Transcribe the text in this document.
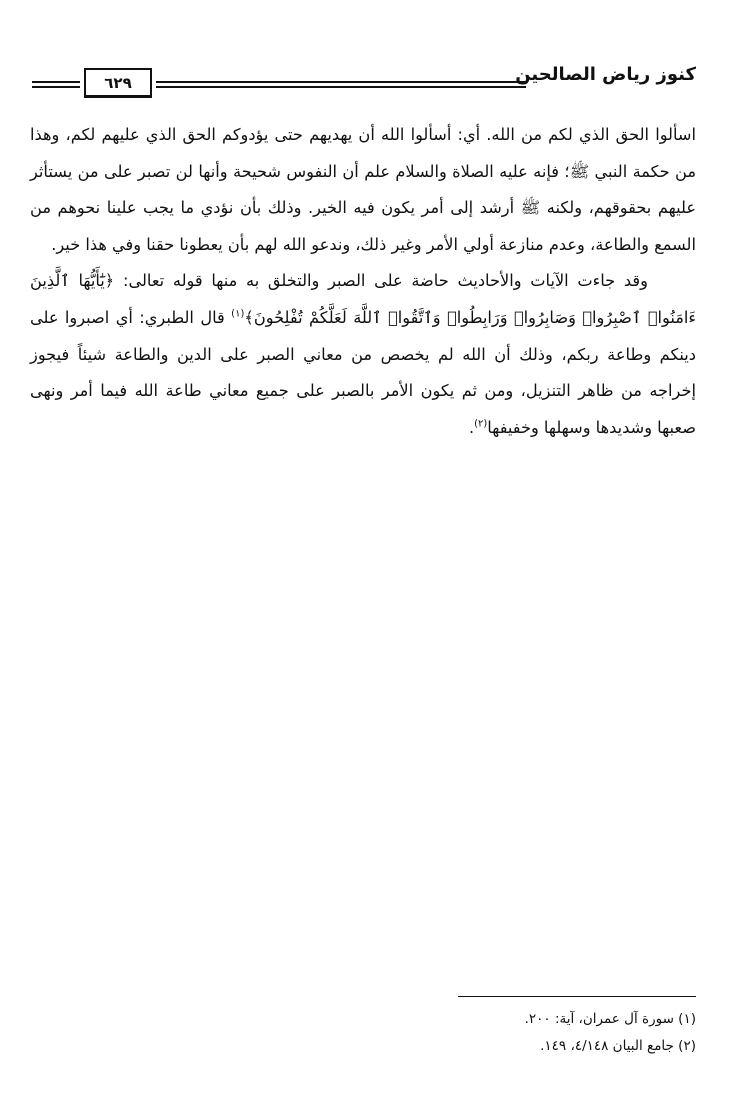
٦٢٩	كنوز رياض الصالحين

اسألوا الحق الذي لكم من الله. أي: أسألوا الله أن يهديهم حتى يؤدوكم الحق الذي عليهم لكم، وهذا من حكمة النبي ﷺ؛ فإنه عليه الصلاة والسلام علم أن النفوس شحيحة وأنها لن تصبر على من يستأثر عليهم بحقوقهم، ولكنه ﷺ أرشد إلى أمر يكون فيه الخير. وذلك بأن نؤدي ما يجب علينا نحوهم من السمع والطاعة، وعدم منازعة أولي الأمر وغير ذلك، وندعو الله لهم بأن يعطونا حقنا وفي هذا خير.

وقد جاءت الآيات والأحاديث حاضة على الصبر والتخلق به منها قوله تعالى: ﴿يَٰٓأَيُّهَا ٱلَّذِينَ ءَامَنُوا۟ ٱصْبِرُوا۟ وَصَابِرُوا۟ وَرَابِطُوا۟ وَٱتَّقُوا۟ ٱللَّهَ لَعَلَّكُمْ تُفْلِحُونَ﴾$^{(١)}$ قال الطبري: أي اصبروا على دينكم وطاعة ربكم، وذلك أن الله لم يخصص من معاني الصبر على الدين والطاعة شيئاً فيجوز إخراجه من ظاهر التنزيل، ومن ثم يكون الأمر بالصبر على جميع معاني طاعة الله فيما أمر ونهى صعبها وشديدها وسهلها وخفيفها$^{(٢)}$.

(١) سورة آل عمران، آية: ٢٠٠.
(٢) جامع البيان ٤/١٤٨، ١٤٩.
